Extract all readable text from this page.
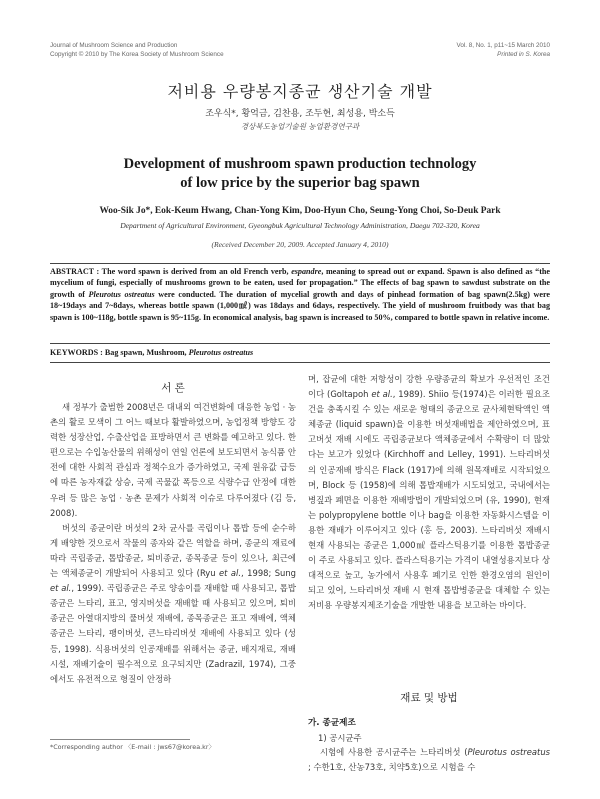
Journal of Mushroom Science and Production
Copyright © 2010 by The Korea Society of Mushroom Science
Vol. 8, No. 1, p11~15 March 2010
Printed in S. Korea
저비용 우량봉지종균 생산기술 개발
조우식*, 황억금, 김찬용, 조두현, 최성용, 박소득
경상북도농업기술원 농업환경연구과
Development of mushroom spawn production technology
of low price by the superior bag spawn
Woo-Sik Jo*, Eok-Keum Hwang, Chan-Yong Kim, Doo-Hyun Cho, Seung-Yong Choi, So-Deuk Park
Department of Agricultural Environment, Gyeongbuk Agricultural Technology Administration, Daegu 702-320, Korea
(Received December 20, 2009. Accepted January 4, 2010)
ABSTRACT : The word spawn is derived from an old French verb, espandre, meaning to spread out or expand. Spawn is also defined as “the mycelium of fungi, especially of mushrooms grown to be eaten, used for propagation.” The effects of bag spawn to sawdust substrate on the growth of Pleurotus ostreatus were conducted. The duration of mycelial growth and days of pinhead formation of bag spawn(2.5kg) were 18~19days and 7~8days, whereas bottle spawn (1,000㎖) was 18days and 6days, respectively. The yield of mushroom fruitbody was that bag spawn is 100~118g, bottle spawn is 95~115g. In economical analysis, bag spawn is increased to 50%, compared to bottle spawn in relative income.
KEYWORDS : Bag spawn, Mushroom, Pleurotus ostreatus
서 론

새 정부가 출범한 2008년은 대내외 여건변화에 대응한 농업 · 농촌의 활로 모색이 그 어느 때보다 활발하였으며, 농업정책 방향도 강력한 성장산업, 수출산업을 표방하면서 큰 변화를 예고하고 있다. 한편으로는 수입농산물의 위해성이 연일 언론에 보도되면서 농식품 안전에 대한 사회적 관심과 정책수요가 증가하였고, 국제 원유값 급등에 따른 농자재값 상승, 국제 곡물값 폭등으로 식량수급 안정에 대한 우려 등 많은 농업 · 농촌 문제가 사회적 이슈로 다루어졌다 (김 등, 2008).

버섯의 종균이란 버섯의 2차 균사를 곡립이나 톱밥 등에 순수하게 배양한 것으로서 작물의 종자와 같은 역할을 하며, 종균의 재료에 따라 곡립종균, 톱밥종균, 퇴비종균, 종목종균 등이 있으나, 최근에는 액체종균이 개발되어 사용되고 있다 (Ryu et al., 1998; Sung et al., 1999). 곡립종균은 주로 양송이를 재배할 때 사용되고, 톱밥종균은 느타리, 표고, 영지버섯을 재배할 때 사용되고 있으며, 퇴비종균은 아열대지방의 풀버섯 재배에, 종목종균은 표고 재배에, 액체종균은 느타리, 팽이버섯, 큰느타리버섯 재배에 사용되고 있다 (성 등, 1998). 식용버섯의 인공재배를 위해서는 종균, 배지재료, 재배시설, 재배기술이 필수적으로 요구되지만 (Zadrazil, 1974), 그중에서도 유전적으로 형질이 안정하

며, 잡균에 대한 저항성이 강한 우량종균의 확보가 우선적인 조건이다 (Goltapoh et al., 1989). Shiio 등(1974)은 이러한 필요조건을 충족시킬 수 있는 새로운 형태의 종균으로 균사체현탁액인 액체종균 (liquid spawn)을 이용한 버섯재배법을 제안하였으며, 표고버섯 재배 시에도 곡립종균보다 액체종균에서 수확량이 더 많았다는 보고가 있었다 (Kirchhoff and Lelley, 1991). 느타리버섯의 인공재배 방식은 Flack (1917)에 의해 원목재배로 시작되었으며, Block 등 (1958)에 의해 톱밥재배가 시도되었고, 국내에서는 병짚과 폐면을 이용한 재배방법이 개발되었으며 (유, 1990), 현재는 polypropylene bottle 이나 bag을 이용한 자동화시스템을 이용한 재배가 이루어지고 있다 (홍 등, 2003). 느타리버섯 재배시 현재 사용되는 종균은 1,000㎖ 플라스틱용기를 이용한 톱밥종균이 주로 사용되고 있다. 플라스틱용기는 가격이 내열성용지보다 상대적으로 높고, 농가에서 사용후 폐기로 인한 환경오염의 원인이 되고 있어, 느타리버섯 재배 시 현재 톱밥병종균을 대체할 수 있는 저비용 우량봉지제조기술을 개발한 내용을 보고하는 바이다.

재료 및 방법
가. 종균제조
1) 공시균주

시험에 사용한 공시균주는 느타리버섯 (Pleurotus ostreatus ; 수한1호, 산농73호, 치약5호)으로 시험을 수

*Corresponding author 〈E-mail : jws67@korea.kr〉
